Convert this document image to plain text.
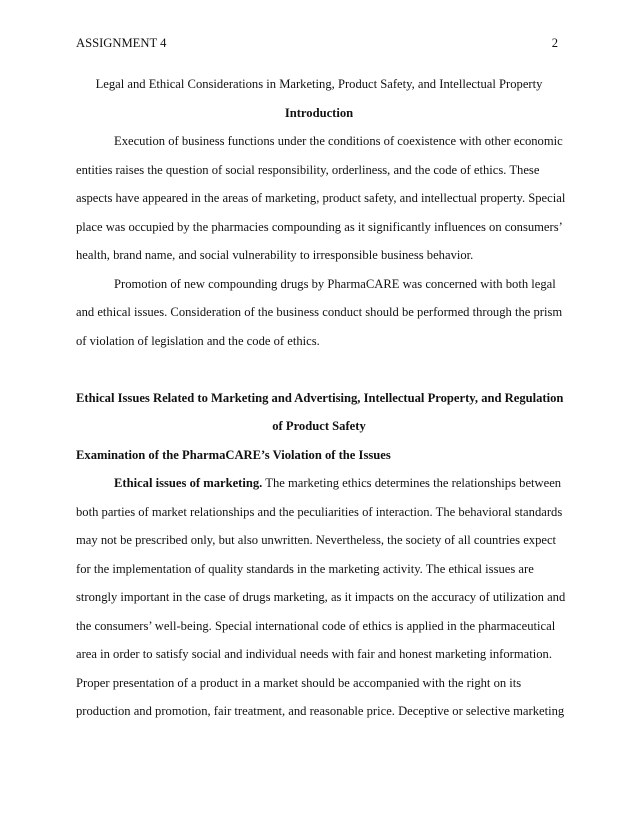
ASSIGNMENT 4	2
Legal and Ethical Considerations in Marketing, Product Safety, and Intellectual Property
Introduction
Execution of business functions under the conditions of coexistence with other economic
entities raises the question of social responsibility, orderliness, and the code of ethics. These
aspects have appeared in the areas of marketing, product safety, and intellectual property. Special
place was occupied by the pharmacies compounding as it significantly influences on consumers’
health, brand name, and social vulnerability to irresponsible business behavior.
Promotion of new compounding drugs by PharmaCARE was concerned with both legal
and ethical issues. Consideration of the business conduct should be performed through the prism
of violation of legislation and the code of ethics.
Ethical Issues Related to Marketing and Advertising, Intellectual Property, and Regulation
of Product Safety
Examination of the PharmaCARE’s Violation of the Issues
Ethical issues of marketing. The marketing ethics determines the relationships between
both parties of market relationships and the peculiarities of interaction. The behavioral standards
may not be prescribed only, but also unwritten. Nevertheless, the society of all countries expect
for the implementation of quality standards in the marketing activity. The ethical issues are
strongly important in the case of drugs marketing, as it impacts on the accuracy of utilization and
the consumers’ well-being. Special international code of ethics is applied in the pharmaceutical
area in order to satisfy social and individual needs with fair and honest marketing information.
Proper presentation of a product in a market should be accompanied with the right on its
production and promotion, fair treatment, and reasonable price. Deceptive or selective marketing
